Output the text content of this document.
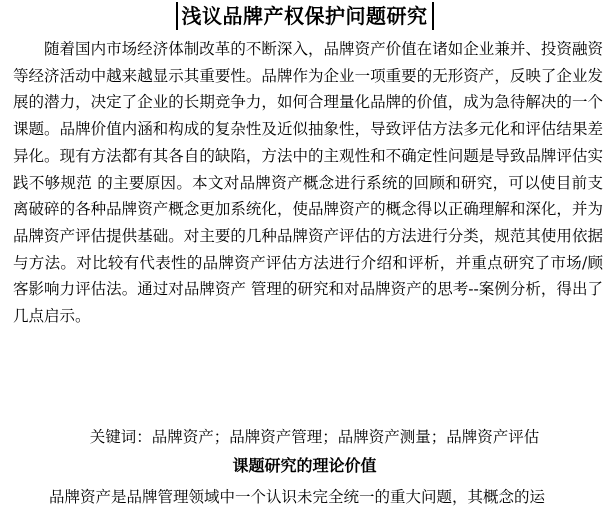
浅议品牌产权保护问题研究

随着国内市场经济体制改革的不断深入，品牌资产价值在诸如企业兼并、投资融资等经济活动中越来越显示其重要性。品牌作为企业一项重要的无形资产，反映了企业发展的潜力，决定了企业的长期竞争力，如何合理量化品牌的价值，成为急待解决的一个课题。品牌价值内涵和构成的复杂性及近似抽象性，导致评估方法多元化和评估结果差异化。现有方法都有其各自的缺陷，方法中的主观性和不确定性问题是导致品牌评估实践不够规范 的主要原因。本文对品牌资产概念进行系统的回顾和研究，可以使目前支离破碎的各种品牌资产概念更加系统化，使品牌资产的概念得以正确理解和深化，并为品牌资产评估提供基础。对主要的几种品牌资产评估的方法进行分类，规范其使用依据与方法。对比较有代表性的品牌资产评估方法进行介绍和评析，并重点研究了市场/顾客影响力评估法。通过对品牌资产 管理的研究和对品牌资产的思考--案例分析，得出了几点启示。

关键词：品牌资产；品牌资产管理；品牌资产测量；品牌资产评估
课题研究的理论价值

品牌资产是品牌管理领域中一个认识未完全统一的重大问题，其概念的运
